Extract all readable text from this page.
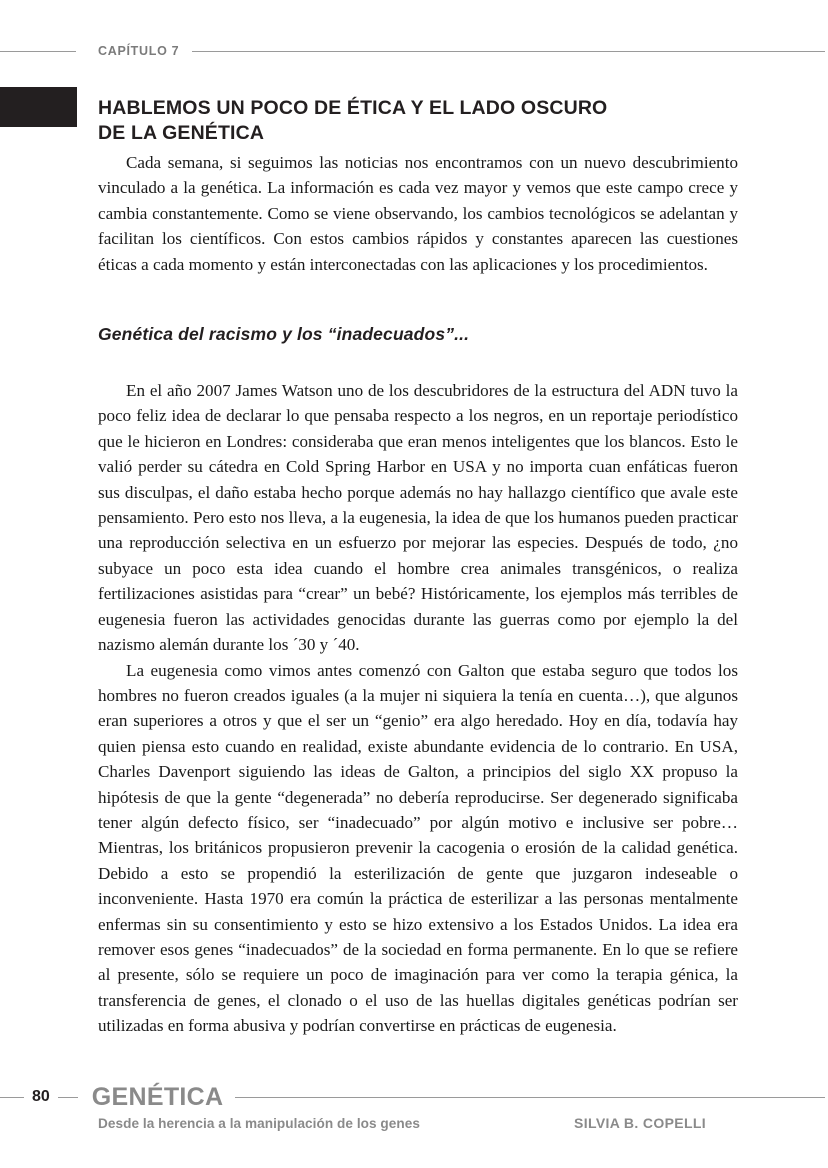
CAPÍTULO 7
HABLEMOS UN POCO DE ÉTICA Y EL LADO OSCURO
DE LA GENÉTICA

Cada semana, si seguimos las noticias nos encontramos con un nuevo descubrimiento vinculado a la genética. La información es cada vez mayor y vemos que este campo crece y cambia constantemente. Como se viene observando, los cambios tecnológicos se adelantan y facilitan los científicos. Con estos cambios rápidos y constantes aparecen las cuestiones éticas a cada momento y están interconectadas con las aplicaciones y los procedimientos.

Genética del racismo y los “inadecuados”...

En el año 2007 James Watson uno de los descubridores de la estructura del ADN tuvo la poco feliz idea de declarar lo que pensaba respecto a los negros, en un reportaje periodístico que le hicieron en Londres: consideraba que eran menos inteligentes que los blancos. Esto le valió perder su cátedra en Cold Spring Harbor en USA y no importa cuan enfáticas fueron sus disculpas, el daño estaba hecho porque además no hay hallazgo científico que avale este pensamiento. Pero esto nos lleva, a la eugenesia, la idea de que los humanos pueden practicar una reproducción selectiva en un esfuerzo por mejorar las especies. Después de todo, ¿no subyace un poco esta idea cuando el hombre crea animales transgénicos, o realiza fertilizaciones asistidas para “crear” un bebé? Históricamente, los ejemplos más terribles de eugenesia fueron las actividades genocidas durante las guerras como por ejemplo la del nazismo alemán durante los ´30 y ´40.

La eugenesia como vimos antes comenzó con Galton que estaba seguro que todos los hombres no fueron creados iguales (a la mujer ni siquiera la tenía en cuenta…), que algunos eran superiores a otros y que el ser un “genio” era algo heredado. Hoy en día, todavía hay quien piensa esto cuando en realidad, existe abundante evidencia de lo contrario. En USA, Charles Davenport siguiendo las ideas de Galton, a principios del siglo XX propuso la hipótesis de que la gente “degenerada” no debería reproducirse. Ser degenerado significaba tener algún defecto físico, ser “inadecuado” por algún motivo e inclusive ser pobre… Mientras, los británicos propusieron prevenir la cacogenia o erosión de la calidad genética. Debido a esto se propendió la esterilización de gente que juzgaron indeseable o inconveniente. Hasta 1970 era común la práctica de esterilizar a las personas mentalmente enfermas sin su consentimiento y esto se hizo extensivo a los Estados Unidos. La idea era remover esos genes “inadecuados” de la sociedad en forma permanente. En lo que se refiere al presente, sólo se requiere un poco de imaginación para ver como la terapia génica, la transferencia de genes, el clonado o el uso de las huellas digitales genéticas podrían ser utilizadas en forma abusiva y podrían convertirse en prácticas de eugenesia.

80	GENÉTICA
Desde la herencia a la manipulación de los genes	SILVIA B. COPELLI
